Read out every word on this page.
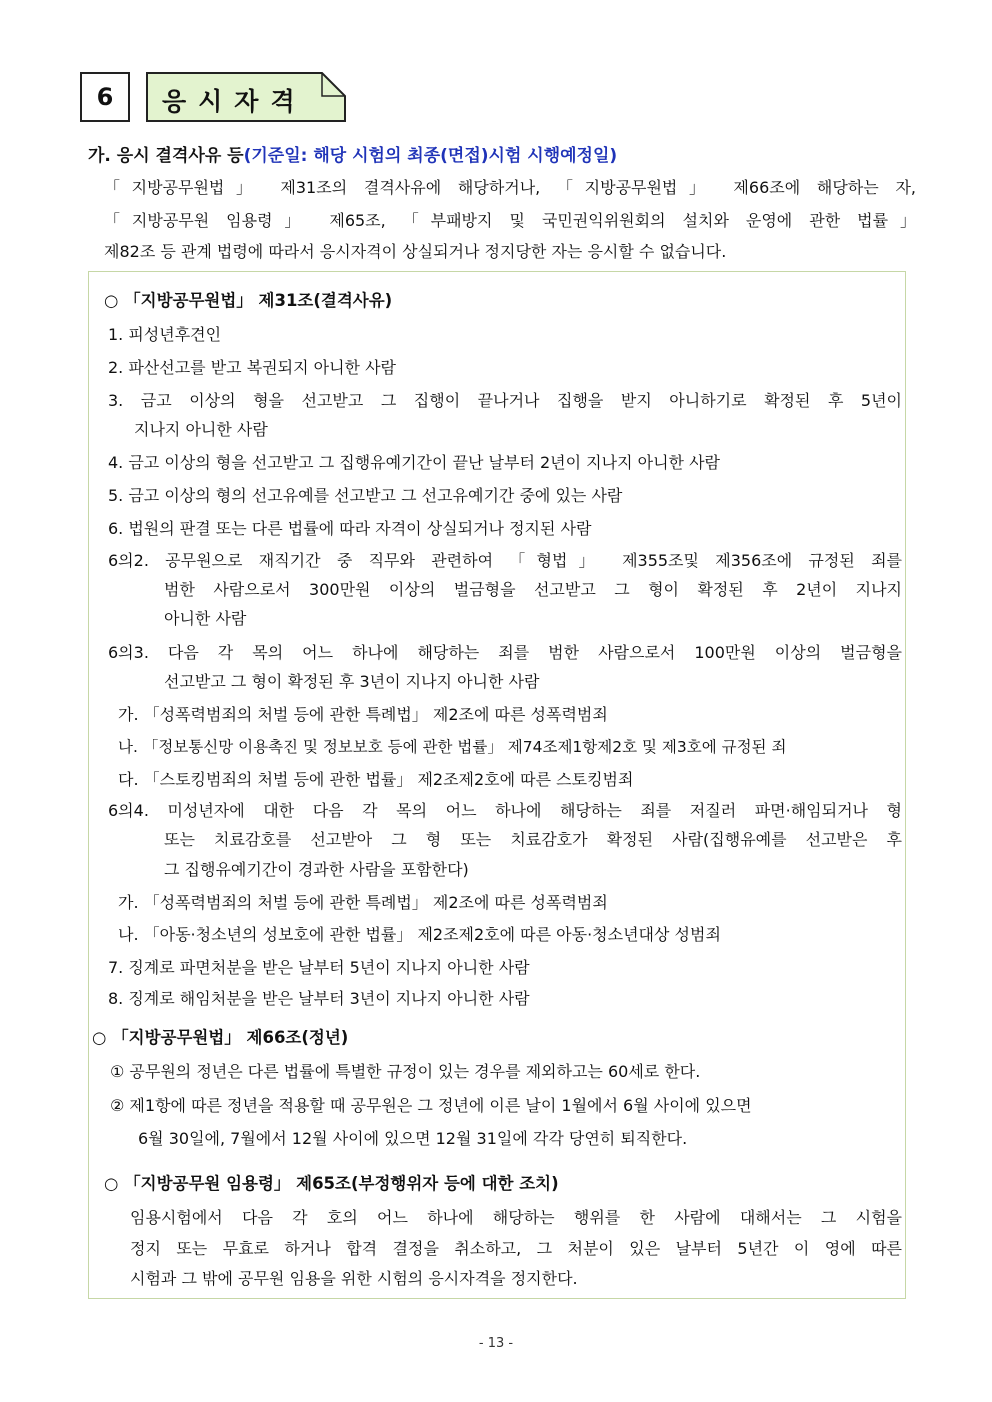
6	응시자격
가. 응시 결격사유 등(기준일: 해당 시험의 최종(면접)시험 시행예정일)
「지방공무원법」 제31조의 결격사유에 해당하거나, 「지방공무원법」 제66조에 해당하는 자,
「지방공무원 임용령」 제65조, 「부패방지 및 국민권익위원회의 설치와 운영에 관한 법률」
제82조 등 관계 법령에 따라서 응시자격이 상실되거나 정지당한 자는 응시할 수 없습니다.
○ 「지방공무원법」 제31조(결격사유)
1. 피성년후견인
2. 파산선고를 받고 복권되지 아니한 사람
3. 금고 이상의 형을 선고받고 그 집행이 끝나거나 집행을 받지 아니하기로 확정된 후 5년이
지나지 아니한 사람
4. 금고 이상의 형을 선고받고 그 집행유예기간이 끝난 날부터 2년이 지나지 아니한 사람
5. 금고 이상의 형의 선고유예를 선고받고 그 선고유예기간 중에 있는 사람
6. 법원의 판결 또는 다른 법률에 따라 자격이 상실되거나 정지된 사람
6의2. 공무원으로 재직기간 중 직무와 관련하여 「형법」 제355조및 제356조에 규정된 죄를
범한 사람으로서 300만원 이상의 벌금형을 선고받고 그 형이 확정된 후 2년이 지나지
아니한 사람
6의3. 다음 각 목의 어느 하나에 해당하는 죄를 범한 사람으로서 100만원 이상의 벌금형을
선고받고 그 형이 확정된 후 3년이 지나지 아니한 사람
가. 「성폭력범죄의 처벌 등에 관한 특례법」 제2조에 따른 성폭력범죄
나. 「정보통신망 이용촉진 및 정보보호 등에 관한 법률」 제74조제1항제2호 및 제3호에 규정된 죄
다. 「스토킹범죄의 처벌 등에 관한 법률」 제2조제2호에 따른 스토킹범죄
6의4. 미성년자에 대한 다음 각 목의 어느 하나에 해당하는 죄를 저질러 파면·해임되거나 형
또는 치료감호를 선고받아 그 형 또는 치료감호가 확정된 사람(집행유예를 선고받은 후
그 집행유예기간이 경과한 사람을 포함한다)
가. 「성폭력범죄의 처벌 등에 관한 특례법」 제2조에 따른 성폭력범죄
나. 「아동·청소년의 성보호에 관한 법률」 제2조제2호에 따른 아동·청소년대상 성범죄
7. 징계로 파면처분을 받은 날부터 5년이 지나지 아니한 사람
8. 징계로 해임처분을 받은 날부터 3년이 지나지 아니한 사람
○ 「지방공무원법」 제66조(정년)
① 공무원의 정년은 다른 법률에 특별한 규정이 있는 경우를 제외하고는 60세로 한다.
② 제1항에 따른 정년을 적용할 때 공무원은 그 정년에 이른 날이 1월에서 6월 사이에 있으면
6월 30일에, 7월에서 12월 사이에 있으면 12월 31일에 각각 당연히 퇴직한다.
○ 「지방공무원 임용령」 제65조(부정행위자 등에 대한 조치)
임용시험에서 다음 각 호의 어느 하나에 해당하는 행위를 한 사람에 대해서는 그 시험을
정지 또는 무효로 하거나 합격 결정을 취소하고, 그 처분이 있은 날부터 5년간 이 영에 따른
시험과 그 밖에 공무원 임용을 위한 시험의 응시자격을 정지한다.
- 13 -
